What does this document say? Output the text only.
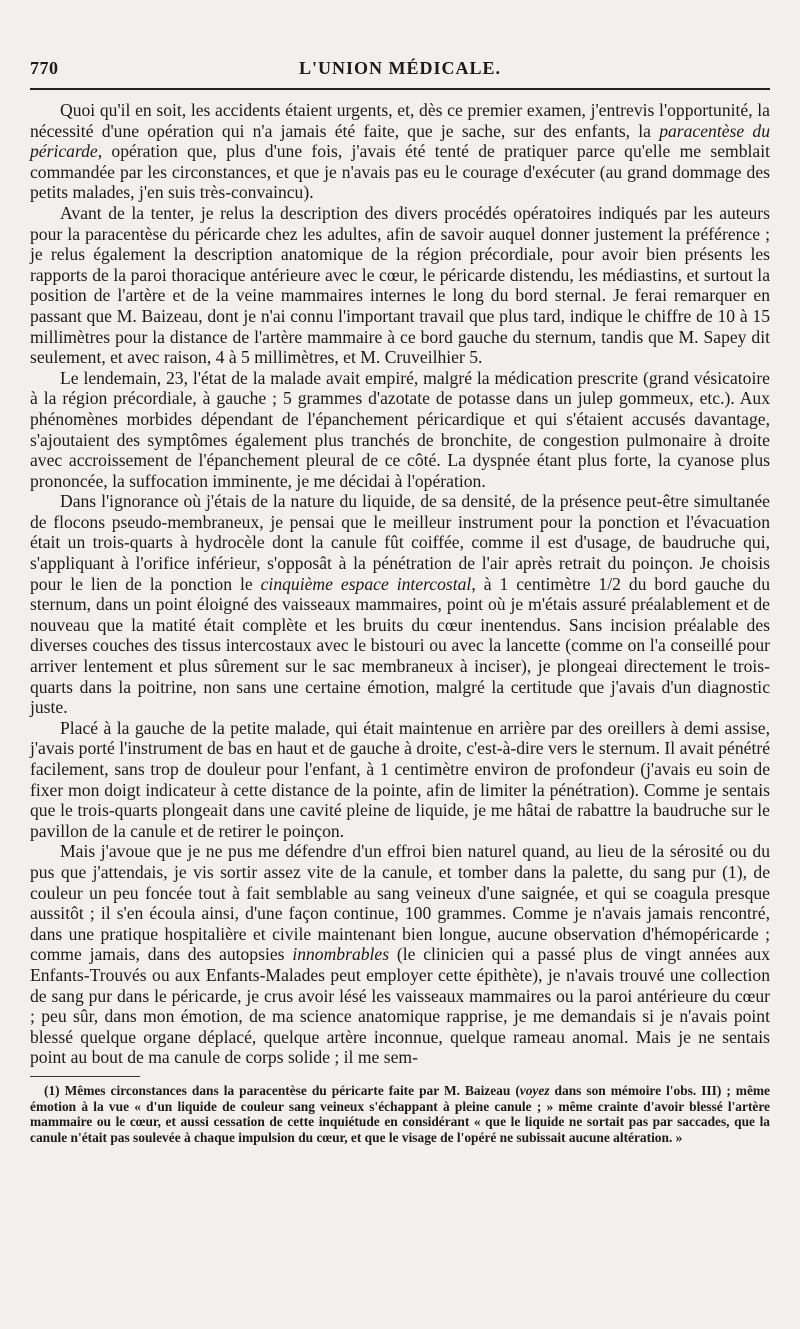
770	L'UNION MÉDICALE.

Quoi qu'il en soit, les accidents étaient urgents, et, dès ce premier examen, j'entrevis l'opportunité, la nécessité d'une opération qui n'a jamais été faite, que je sache, sur des enfants, la paracentèse du péricarde, opération que, plus d'une fois, j'avais été tenté de pratiquer parce qu'elle me semblait commandée par les circonstances, et que je n'avais pas eu le courage d'exécuter (au grand dommage des petits malades, j'en suis très-convaincu).

Avant de la tenter, je relus la description des divers procédés opératoires indiqués par les auteurs pour la paracentèse du péricarde chez les adultes, afin de savoir auquel donner justement la préférence ; je relus également la description anatomique de la région précordiale, pour avoir bien présents les rapports de la paroi thoracique antérieure avec le cœur, le péricarde distendu, les médiastins, et surtout la position de l'artère et de la veine mammaires internes le long du bord sternal. Je ferai remarquer en passant que M. Baizeau, dont je n'ai connu l'important travail que plus tard, indique le chiffre de 10 à 15 millimètres pour la distance de l'artère mammaire à ce bord gauche du sternum, tandis que M. Sapey dit seulement, et avec raison, 4 à 5 millimètres, et M. Cruveilhier 5.

Le lendemain, 23, l'état de la malade avait empiré, malgré la médication prescrite (grand vésicatoire à la région précordiale, à gauche ; 5 grammes d'azotate de potasse dans un julep gommeux, etc.). Aux phénomènes morbides dépendant de l'épanchement péricardique et qui s'étaient accusés davantage, s'ajoutaient des symptômes également plus tranchés de bronchite, de congestion pulmonaire à droite avec accroissement de l'épanchement pleural de ce côté. La dyspnée étant plus forte, la cyanose plus prononcée, la suffocation imminente, je me décidai à l'opération.

Dans l'ignorance où j'étais de la nature du liquide, de sa densité, de la présence peut-être simultanée de flocons pseudo-membraneux, je pensai que le meilleur instrument pour la ponction et l'évacuation était un trois-quarts à hydrocèle dont la canule fût coiffée, comme il est d'usage, de baudruche qui, s'appliquant à l'orifice inférieur, s'opposât à la pénétration de l'air après retrait du poinçon. Je choisis pour le lien de la ponction le cinquième espace intercostal, à 1 centimètre 1/2 du bord gauche du sternum, dans un point éloigné des vaisseaux mammaires, point où je m'étais assuré préalablement et de nouveau que la matité était complète et les bruits du cœur inentendus. Sans incision préalable des diverses couches des tissus intercostaux avec le bistouri ou avec la lancette (comme on l'a conseillé pour arriver lentement et plus sûrement sur le sac membraneux à inciser), je plongeai directement le trois-quarts dans la poitrine, non sans une certaine émotion, malgré la certitude que j'avais d'un diagnostic juste.

Placé à la gauche de la petite malade, qui était maintenue en arrière par des oreillers à demi assise, j'avais porté l'instrument de bas en haut et de gauche à droite, c'est-à-dire vers le sternum. Il avait pénétré facilement, sans trop de douleur pour l'enfant, à 1 centimètre environ de profondeur (j'avais eu soin de fixer mon doigt indicateur à cette distance de la pointe, afin de limiter la pénétration). Comme je sentais que le trois-quarts plongeait dans une cavité pleine de liquide, je me hâtai de rabattre la baudruche sur le pavillon de la canule et de retirer le poinçon.

Mais j'avoue que je ne pus me défendre d'un effroi bien naturel quand, au lieu de la sérosité ou du pus que j'attendais, je vis sortir assez vite de la canule, et tomber dans la palette, du sang pur (1), de couleur un peu foncée tout à fait semblable au sang veineux d'une saignée, et qui se coagula presque aussitôt ; il s'en écoula ainsi, d'une façon continue, 100 grammes. Comme je n'avais jamais rencontré, dans une pratique hospitalière et civile maintenant bien longue, aucune observation d'hémopéricarde ; comme jamais, dans des autopsies innombrables (le clinicien qui a passé plus de vingt années aux Enfants-Trouvés ou aux Enfants-Malades peut employer cette épithète), je n'avais trouvé une collection de sang pur dans le péricarde, je crus avoir lésé les vaisseaux mammaires ou la paroi antérieure du cœur ; peu sûr, dans mon émotion, de ma science anatomique rapprise, je me demandais si je n'avais point blessé quelque organe déplacé, quelque artère inconnue, quelque rameau anomal. Mais je ne sentais point au bout de ma canule de corps solide ; il me sem-

(1) Mêmes circonstances dans la paracentèse du péricarte faite par M. Baizeau (voyez dans son mémoire l'obs. III) ; même émotion à la vue « d'un liquide de couleur sang veineux s'échappant à pleine canule ; » même crainte d'avoir blessé l'artère mammaire ou le cœur, et aussi cessation de cette inquiétude en considérant « que le liquide ne sortait pas par saccades, que la canule n'était pas soulevée à chaque impulsion du cœur, et que le visage de l'opéré ne subissait aucune altération. »
